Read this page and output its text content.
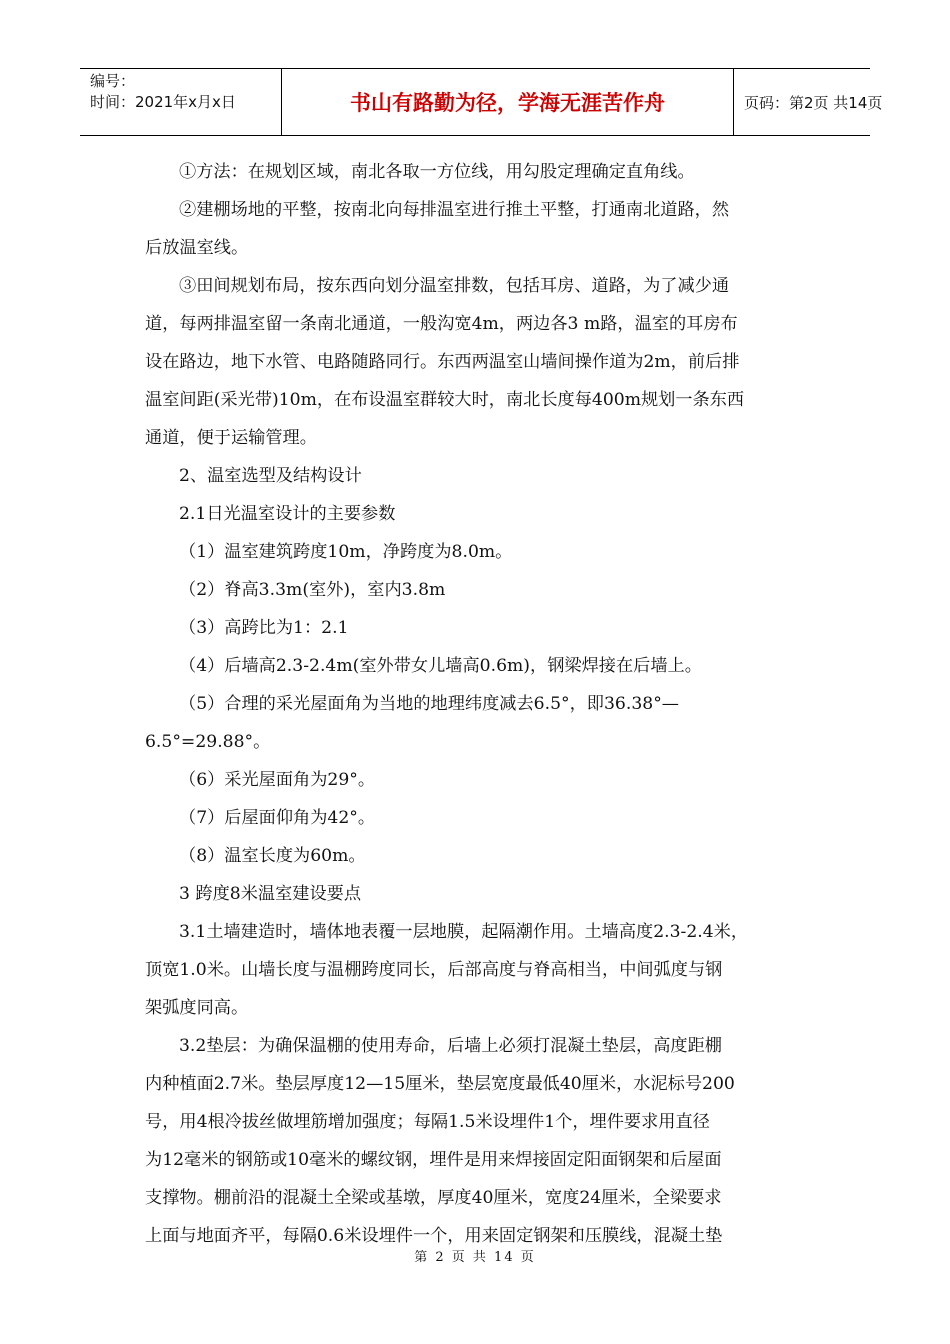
编号：
时间：2021年x月x日	书山有路勤为径，学海无涯苦作舟	页码：第2页 共14页
①方法：在规划区域，南北各取一方位线，用勾股定理确定直角线。
②建棚场地的平整，按南北向每排温室进行推土平整，打通南北道路，然
后放温室线。
③田间规划布局，按东西向划分温室排数，包括耳房、道路，为了减少通
道，每两排温室留一条南北通道，一般沟宽4m，两边各3 m路，温室的耳房布
设在路边，地下水管、电路随路同行。东西两温室山墙间操作道为2m，前后排
温室间距(采光带)10m，在布设温室群较大时，南北长度每400m规划一条东西
通道，便于运输管理。
2、温室选型及结构设计
2.1日光温室设计的主要参数
（1）温室建筑跨度10m，净跨度为8.0m。
（2）脊高3.3m(室外)，室内3.8m
（3）高跨比为1：2.1
（4）后墙高2.3-2.4m(室外带女儿墙高0.6m)，钢梁焊接在后墙上。
（5）合理的采光屋面角为当地的地理纬度减去6.5°，即36.38°—
6.5°=29.88°。
（6）采光屋面角为29°。
（7）后屋面仰角为42°。
（8）温室长度为60m。
3 跨度8米温室建设要点
3.1土墙建造时，墙体地表覆一层地膜，起隔潮作用。土墙高度2.3-2.4米，
顶宽1.0米。山墙长度与温棚跨度同长，后部高度与脊高相当，中间弧度与钢
架弧度同高。
3.2垫层：为确保温棚的使用寿命，后墙上必须打混凝土垫层，高度距棚
内种植面2.7米。垫层厚度12—15厘米，垫层宽度最低40厘米，水泥标号200
号，用4根冷拔丝做埋筋增加强度；每隔1.5米设埋件1个，埋件要求用直径
为12毫米的钢筋或10毫米的螺纹钢，埋件是用来焊接固定阳面钢架和后屋面
支撑物。棚前沿的混凝土全梁或基墩，厚度40厘米，宽度24厘米，全梁要求
上面与地面齐平，每隔0.6米设埋件一个，用来固定钢架和压膜线，混凝土垫
第 2 页 共 14 页
